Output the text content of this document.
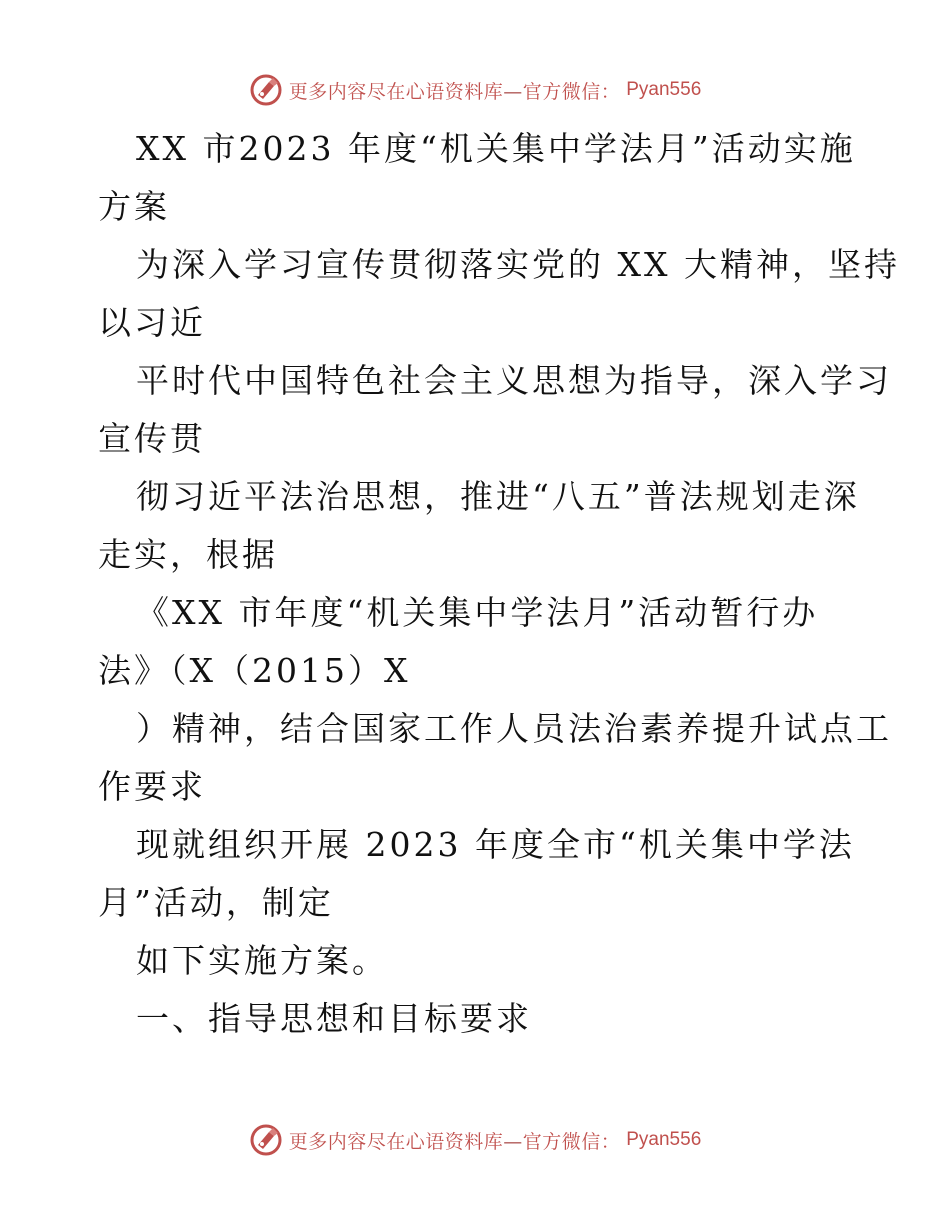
更多内容尽在心语资料库—官方微信： Pyan556
XX 市2023 年度“机关集中学法月”活动实施
方案
为深入学习宣传贯彻落实党的 XX 大精神，坚持
以习近
平时代中国特色社会主义思想为指导，深入学习
宣传贯
彻习近平法治思想，推进“八五”普法规划走深
走实，根据
《XX 市年度“机关集中学法月”活动暂行办
法》（X（2015）X
）精神，结合国家工作人员法治素养提升试点工
作要求
现就组织开展 2023 年度全市“机关集中学法
月”活动，制定
如下实施方案。
一、指导思想和目标要求
更多内容尽在心语资料库—官方微信： Pyan556
